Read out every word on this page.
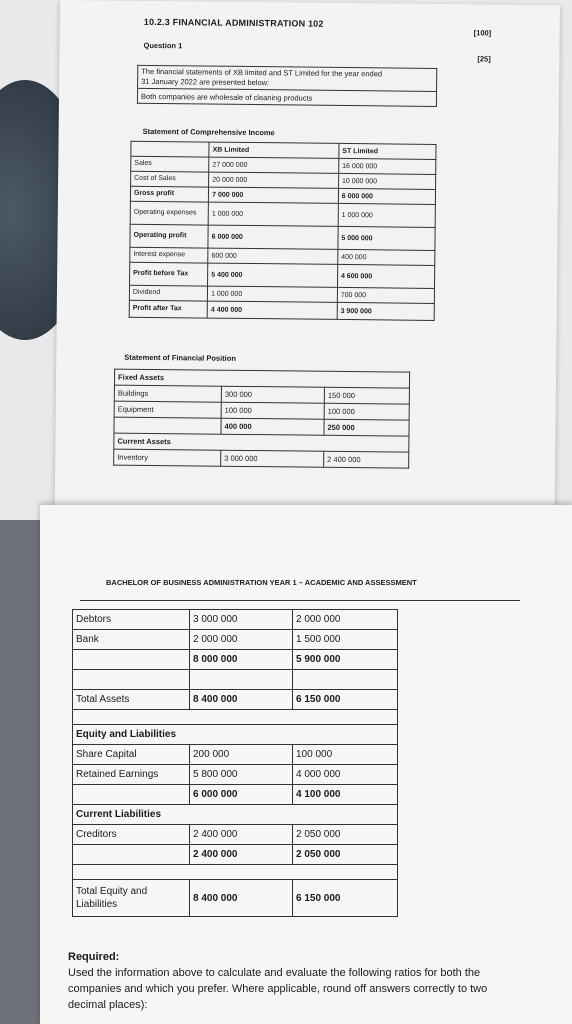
10.2.3 FINANCIAL ADMINISTRATION 102
[100]
Question 1
[25]
The financial statements of XB limited and ST Limited for the year ended
31 January 2022 are presented below:

Both companies are wholesale of cleaning products
Statement of Comprehensive Income
	XB Limited	ST Limited
Sales	27 000 000	16 000 000
Cost of Sales	20 000 000	10 000 000
Gross profit	7 000 000	6 000 000
Operating expenses	1 000 000	1 000 000
Operating profit	6 000 000	5 000 000
Interest expense	600 000	400 000
Profit before Tax	5 400 000	4 600 000
Dividend	1 000 000	700 000
Profit after Tax	4 400 000	3 900 000
Statement of Financial Position
Fixed Assets		
Buildings	300 000	150 000
Equipment	100 000	100 000
	400 000	250 000
Current Assets		
Inventory	3 000 000	2 400 000
BACHELOR OF BUSINESS ADMINISTRATION YEAR 1 – ACADEMIC AND ASSESSMENT
Debtors	3 000 000	2 000 000
Bank	2 000 000	1 500 000
	8 000 000	5 900 000

Total Assets	8 400 000	6 150 000

Equity and Liabilities		
Share Capital	200 000	100 000
Retained Earnings	5 800 000	4 000 000
	6 000 000	4 100 000
Current Liabilities		
Creditors	2 400 000	2 050 000
	2 400 000	2 050 000

Total Equity and
Liabilities	8 400 000	6 150 000
Required:
Used the information above to calculate and evaluate the following ratios for both the
companies and which you prefer. Where applicable, round off answers correctly to two
decimal places):
